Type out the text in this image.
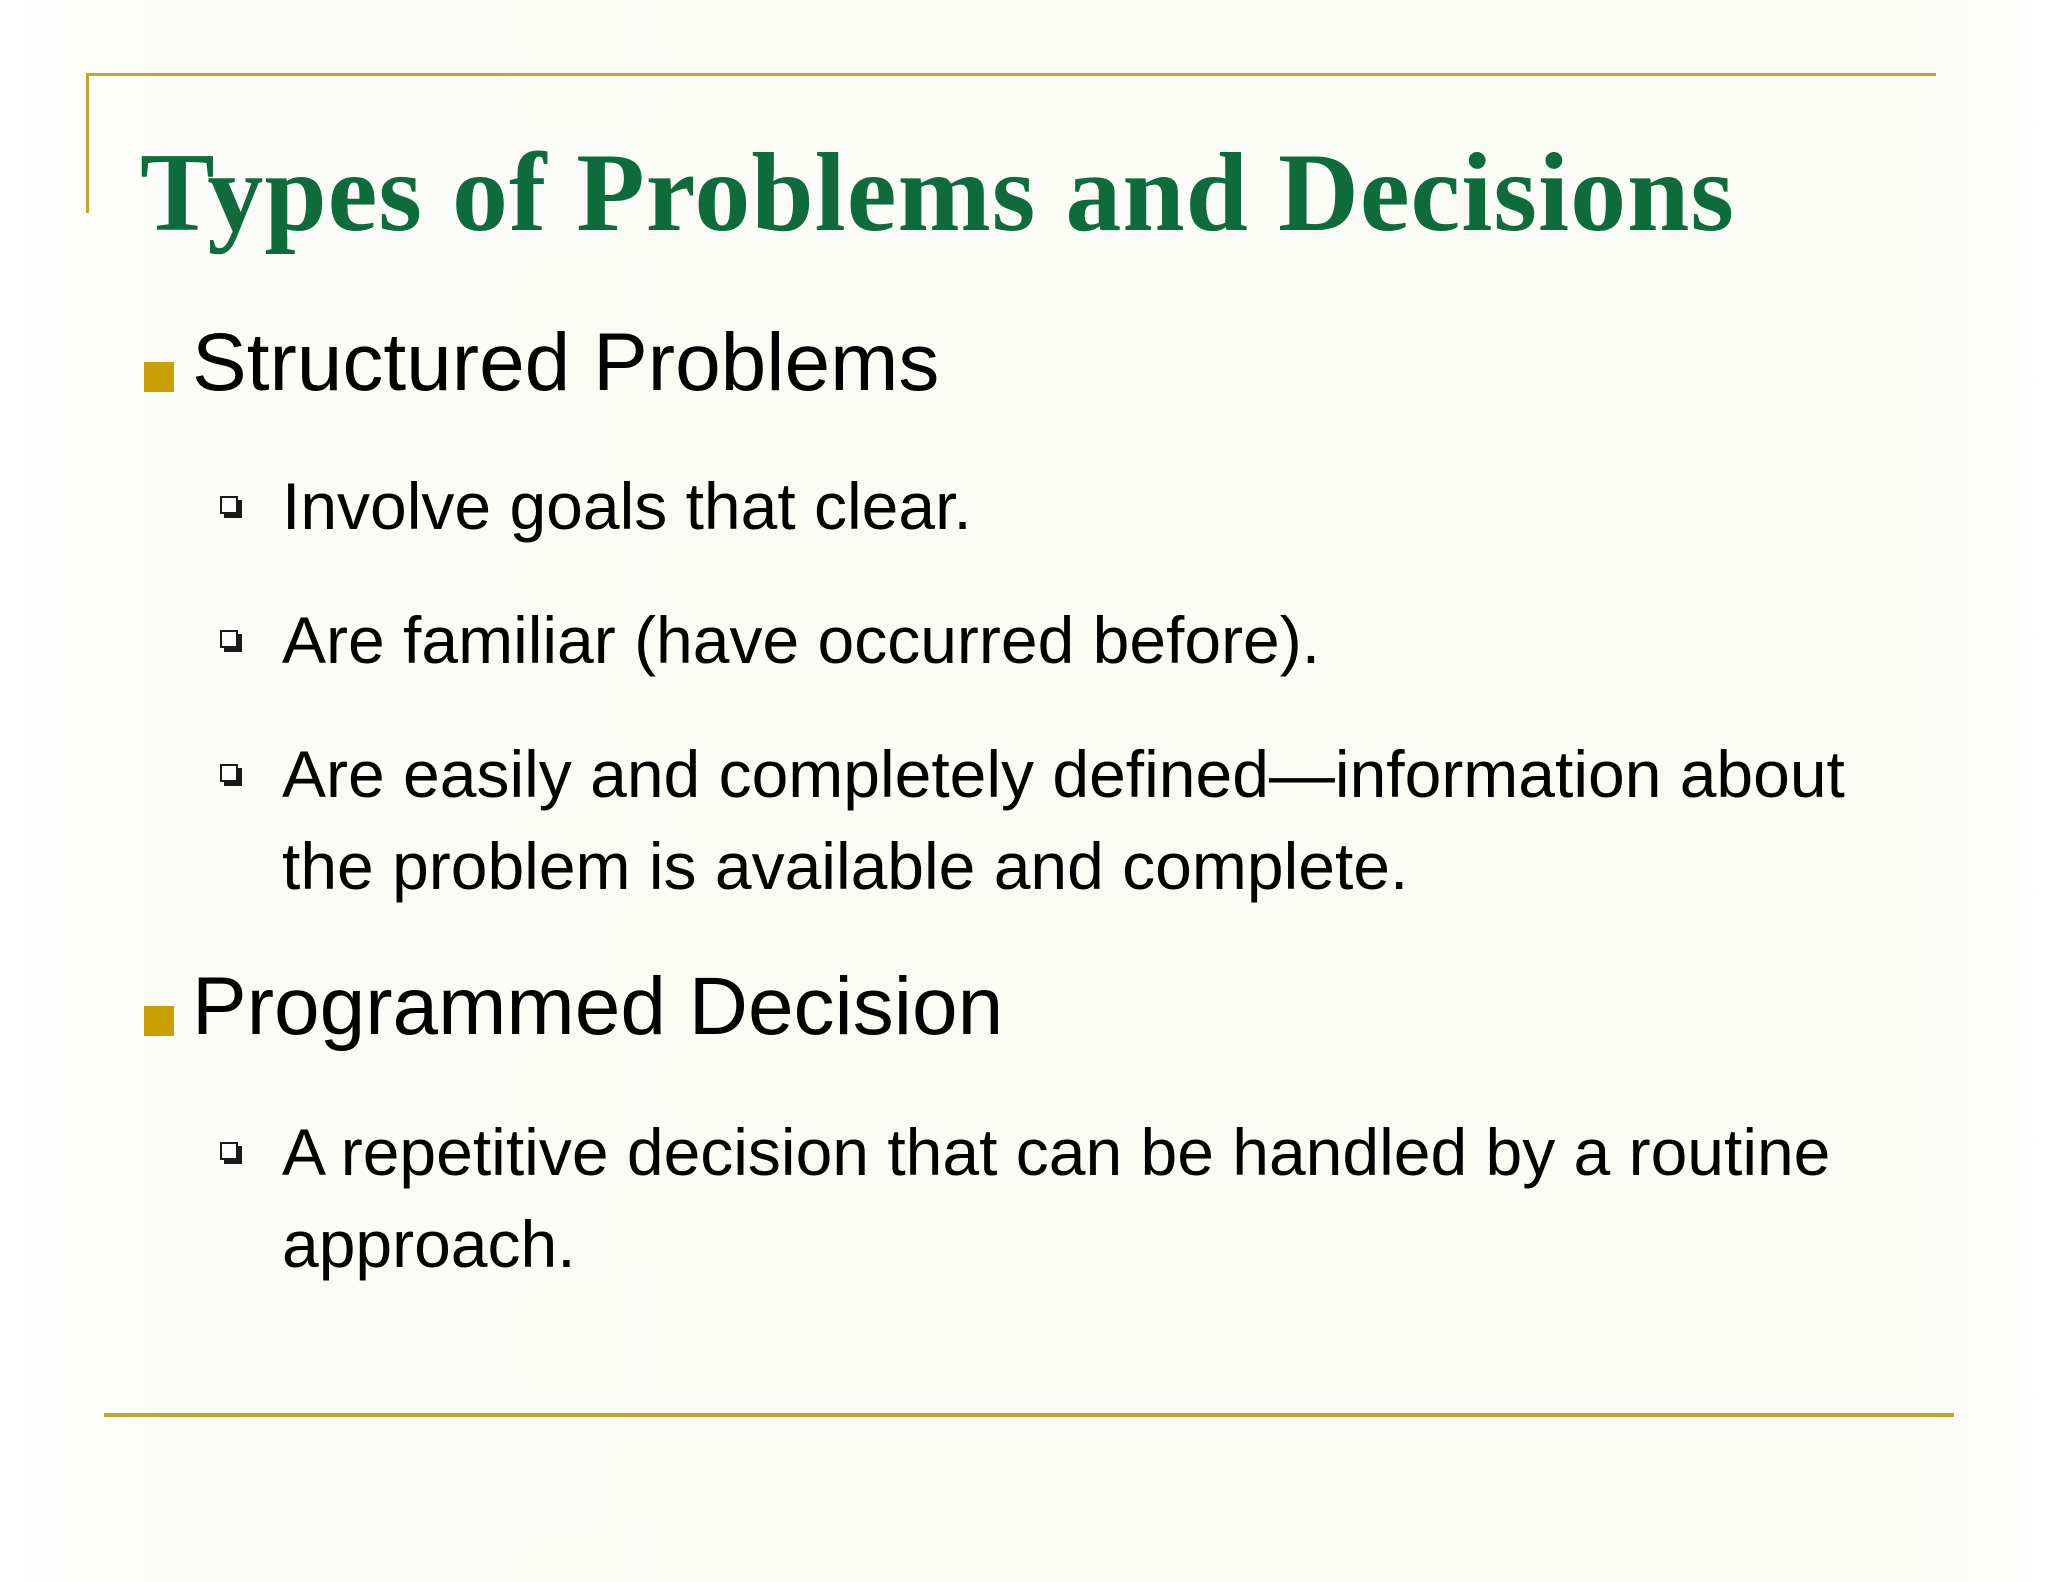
Types of Problems and Decisions
Structured Problems
Involve goals that clear.
Are familiar (have occurred before).
Are easily and completely defined—information about the problem is available and complete.
Programmed Decision
A repetitive decision that can be handled by a routine approach.
